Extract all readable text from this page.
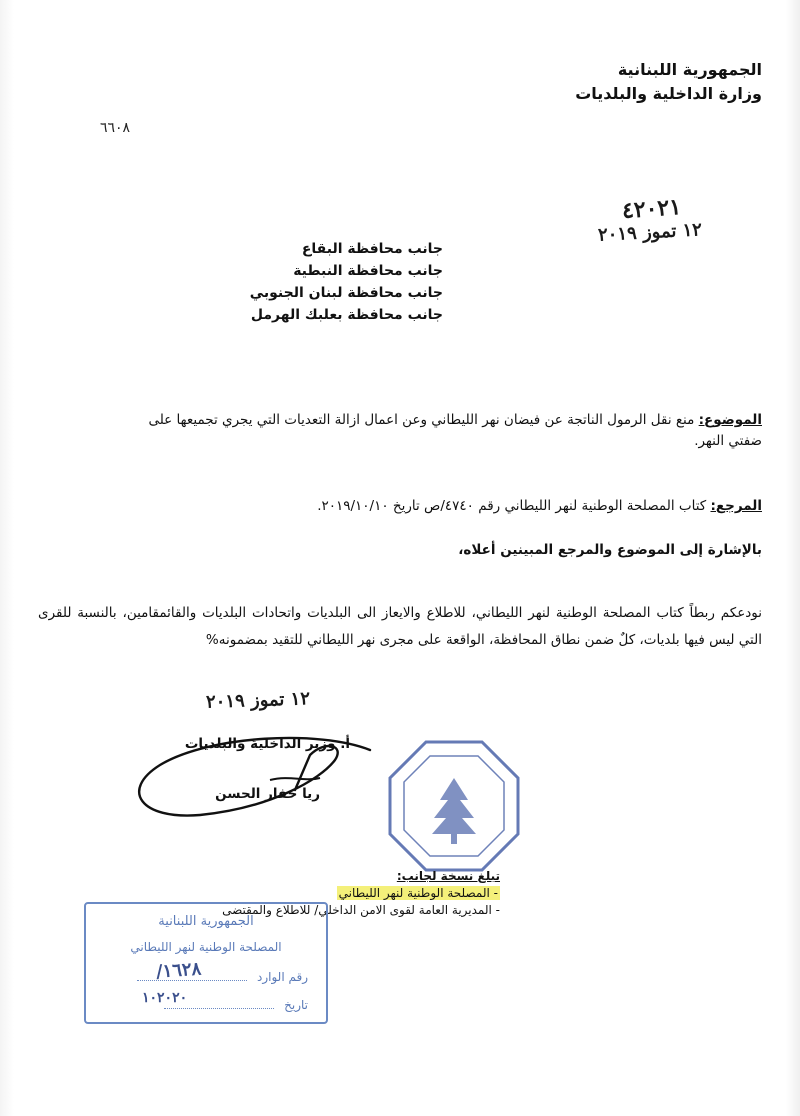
الجمهورية اللبنانية
وزارة الداخلية والبلديات
٦٦٠٨
٤٢٠٢١
١٢ تموز ٢٠١٩
جانب محافظة البقاع
جانب محافظة النبطية
جانب محافظة لبنان الجنوبي
جانب محافظة بعلبك الهرمل
الموضوع: منع نقل الرمول الناتجة عن فيضان نهر الليطاني وعن اعمال ازالة التعديات التي يجري تجميعها على ضفتي النهر.
المرجع: كتاب المصلحة الوطنية لنهر الليطاني رقم ٤٧٤٠/ص تاريخ ٢٠١٩/١٠/١٠.
بالإشارة إلى الموضوع والمرجع المبينين أعلاه،
نودعكم ربطاً كتاب المصلحة الوطنية لنهر الليطاني، للاطلاع والايعاز الى البلديات واتحادات البلديات والقائمقامين، بالنسبة للقرى التي ليس فيها بلديات، كلٌ ضمن نطاق المحافظة، الواقعة على مجرى نهر الليطاني للتقيد بمضمونه%
١٢ تموز ٢٠١٩
أ. وزير الداخلية والبلديات
ريا حفار الحسن
تبلغ نسخة لجانب:
- المصلحة الوطنية لنهر الليطاني
- المديرية العامة لقوى الامن الداخلي/ للاطلاع والمقتضى
الجمهورية اللبنانية
المصلحة الوطنية لنهر الليطاني
رقم الوارد
تاريخ
١٦٢٨/
١٠٢٠٢٠
